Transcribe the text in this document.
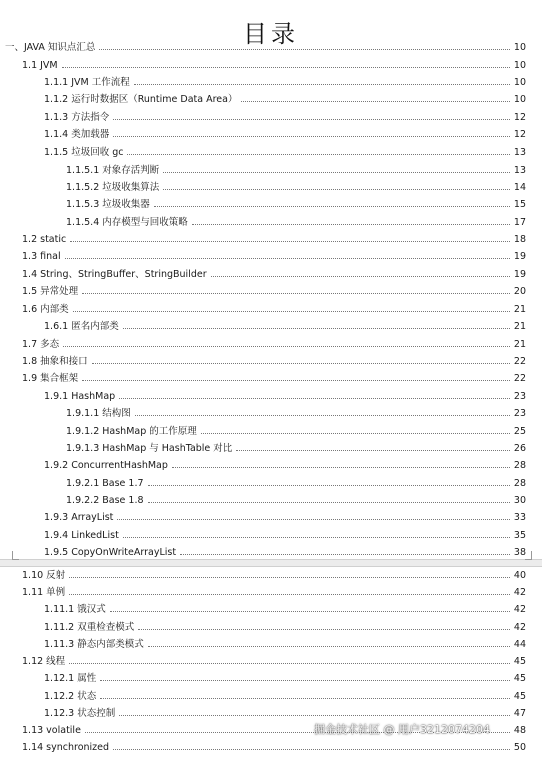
目录
一、JAVA 知识点汇总	10
1.1 JVM	10
1.1.1 JVM 工作流程	10
1.1.2 运行时数据区（Runtime Data Area）	10
1.1.3 方法指令	12
1.1.4 类加载器	12
1.1.5 垃圾回收 gc	13
1.1.5.1 对象存活判断	13
1.1.5.2 垃圾收集算法	14
1.1.5.3 垃圾收集器	15
1.1.5.4 内存模型与回收策略	17
1.2 static	18
1.3 final	19
1.4 String、StringBuffer、StringBuilder	19
1.5 异常处理	20
1.6 内部类	21
1.6.1 匿名内部类	21
1.7 多态	21
1.8 抽象和接口	22
1.9 集合框架	22
1.9.1 HashMap	23
1.9.1.1 结构图	23
1.9.1.2 HashMap 的工作原理	25
1.9.1.3 HashMap 与 HashTable 对比	26
1.9.2 ConcurrentHashMap	28
1.9.2.1 Base 1.7	28
1.9.2.2 Base 1.8	30
1.9.3 ArrayList	33
1.9.4 LinkedList	35
1.9.5 CopyOnWriteArrayList	38
1.10 反射	40
1.11 单例	42
1.11.1 饿汉式	42
1.11.2 双重检查模式	42
1.11.3 静态内部类模式	44
1.12 线程	45
1.12.1 属性	45
1.12.2 状态	45
1.12.3 状态控制	47
1.13 volatile	48
1.14 synchronized	50
掘金技术社区 @ 用户3212074204
